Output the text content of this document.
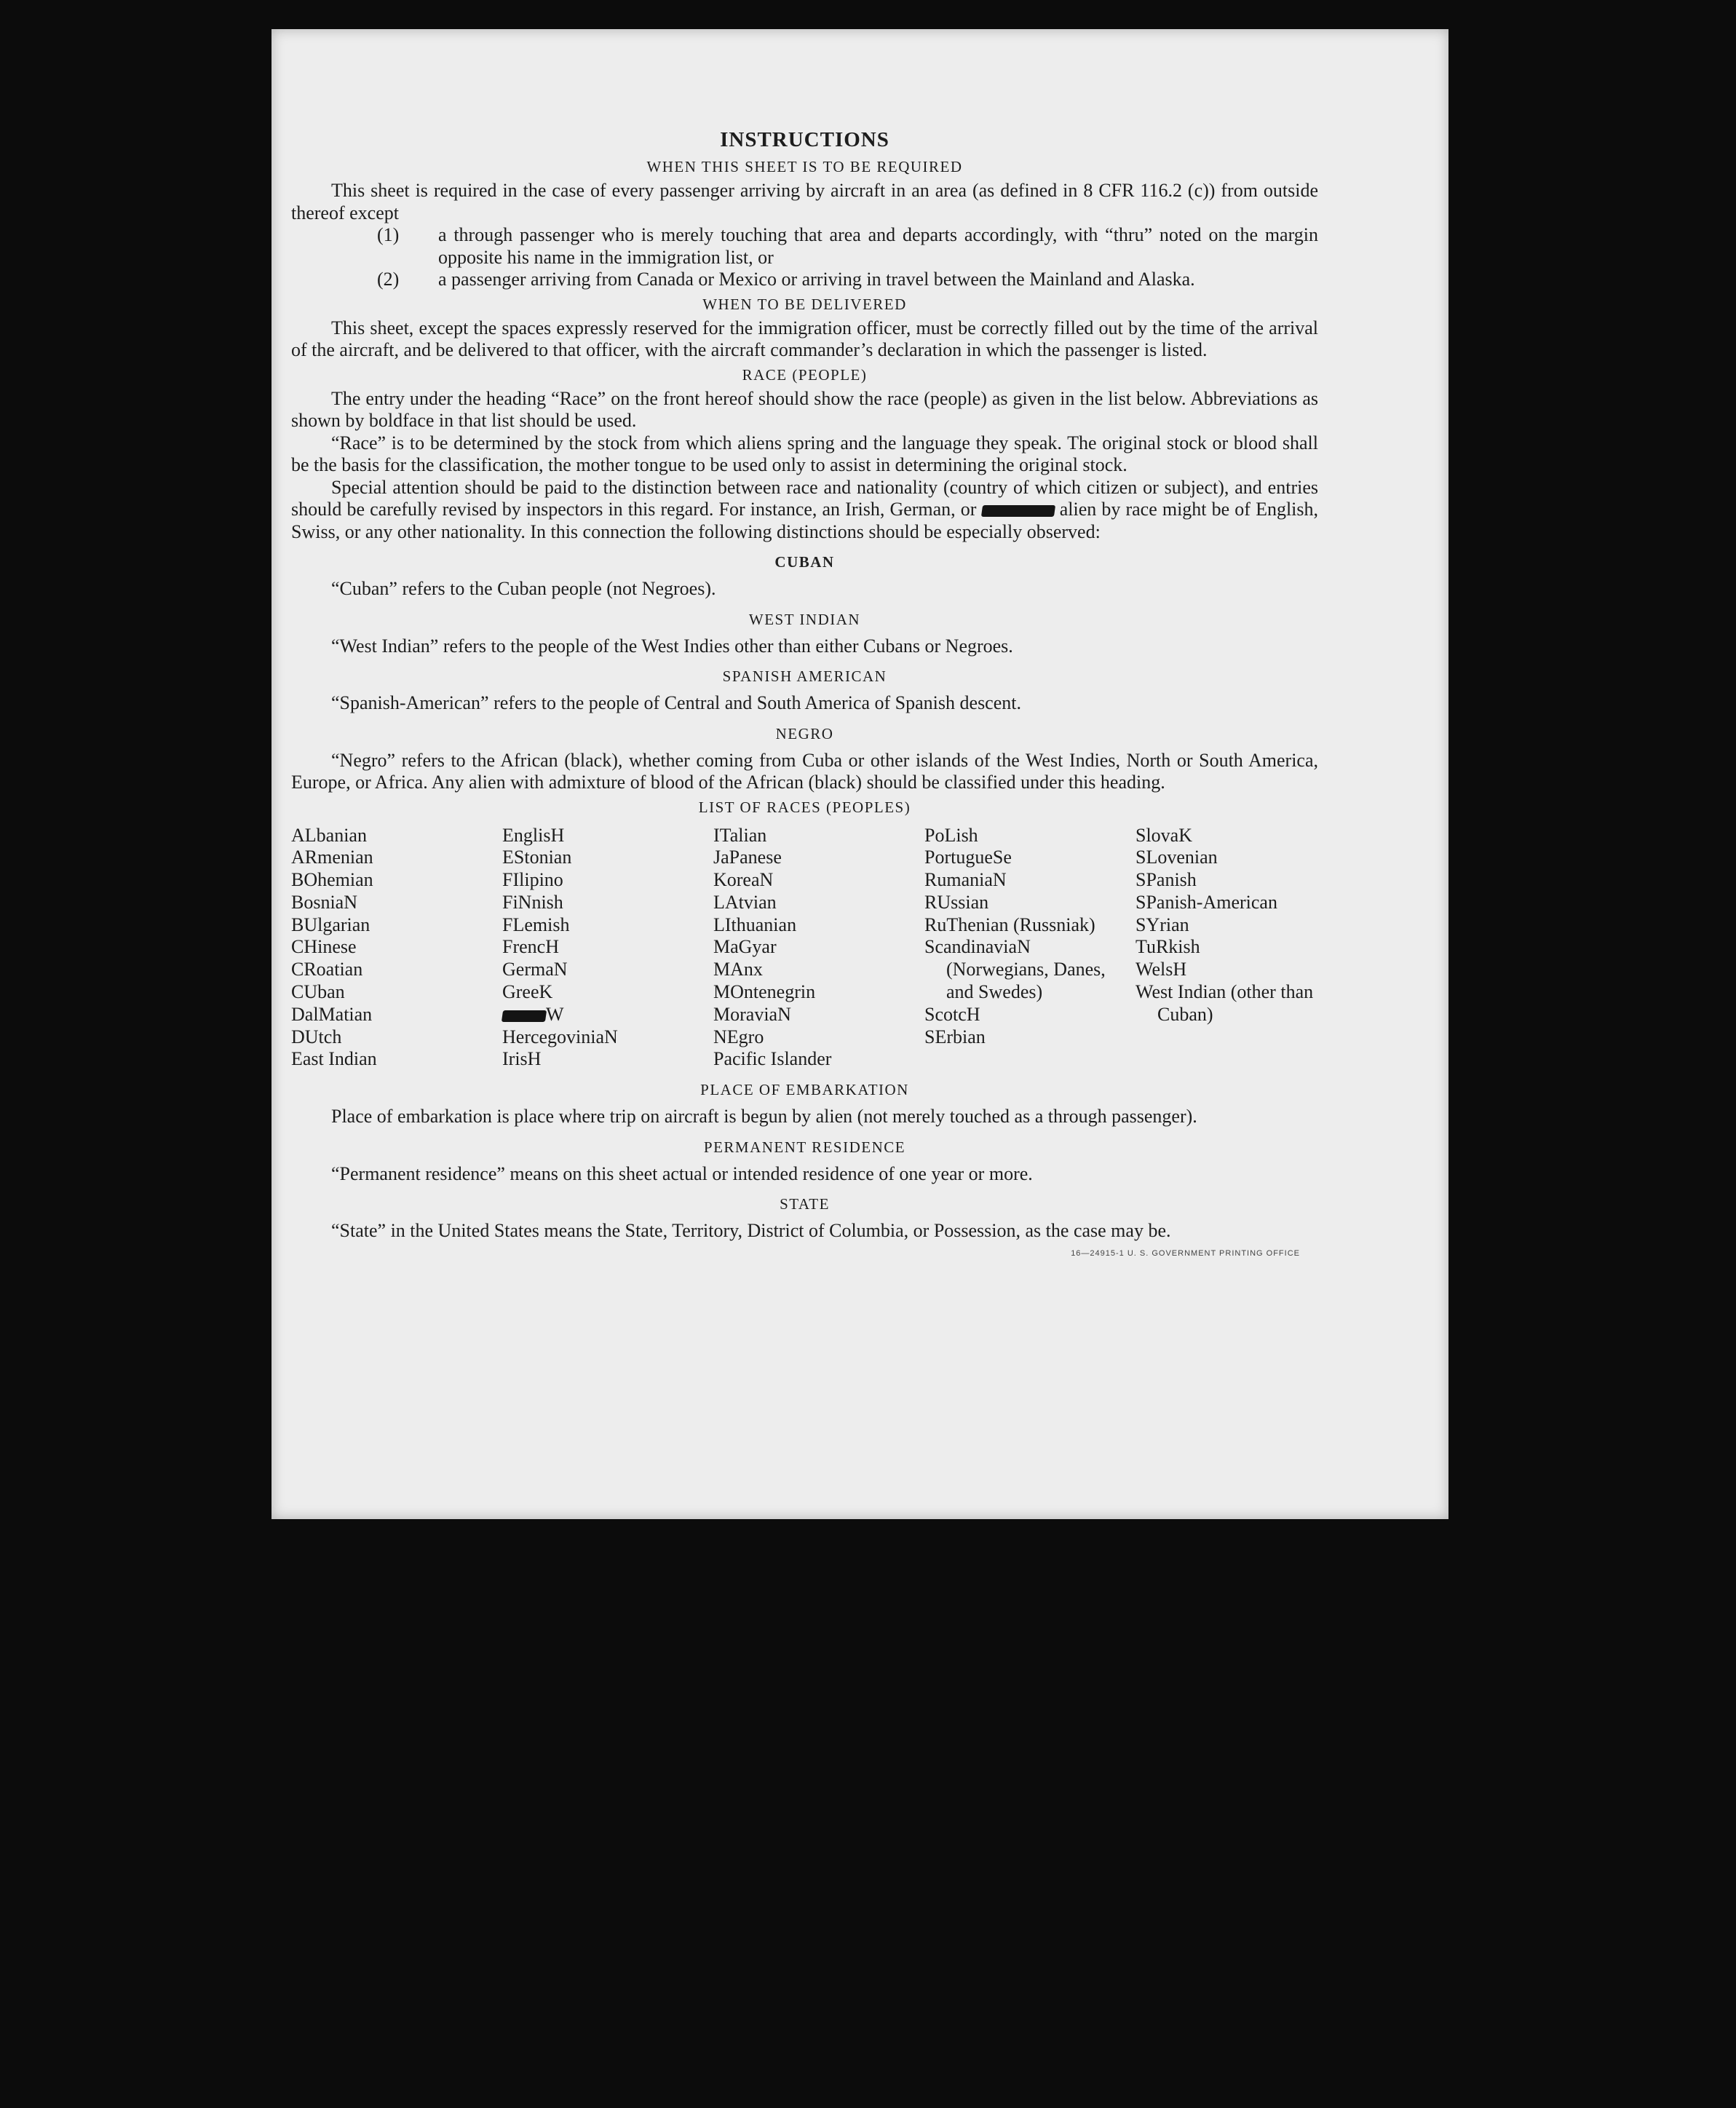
INSTRUCTIONS
WHEN THIS SHEET IS TO BE REQUIRED

This sheet is required in the case of every passenger arriving by aircraft in an area (as defined in 8 CFR 116.2 (c)) from outside thereof except

(1)	a through passenger who is merely touching that area and departs accordingly, with “thru” noted on the margin opposite his name in the immigration list, or
(2)	a passenger arriving from Canada or Mexico or arriving in travel between the Mainland and Alaska.
WHEN TO BE DELIVERED

This sheet, except the spaces expressly reserved for the immigration officer, must be correctly filled out by the time of the arrival of the aircraft, and be delivered to that officer, with the aircraft commander’s declaration in which the passenger is listed.

RACE (PEOPLE)

The entry under the heading “Race” on the front hereof should show the race (people) as given in the list below. Abbreviations as shown by boldface in that list should be used.

“Race” is to be determined by the stock from which aliens spring and the language they speak. The original stock or blood shall be the basis for the classification, the mother tongue to be used only to assist in determining the original stock.

Special attention should be paid to the distinction between race and nationality (country of which citizen or subject), and entries should be carefully revised by inspectors in this regard. For instance, an Irish, German, or	alien by race might be of English, Swiss, or any other nationality. In this connection the following distinctions should be especially observed:

CUBAN

“Cuban” refers to the Cuban people (not Negroes).

WEST INDIAN

“West Indian” refers to the people of the West Indies other than either Cubans or Negroes.

SPANISH AMERICAN

“Spanish-American” refers to the people of Central and South America of Spanish descent.

NEGRO

“Negro” refers to the African (black), whether coming from Cuba or other islands of the West Indies, North or South America, Europe, or Africa. Any alien with admixture of blood of the African (black) should be classified under this heading.

LIST OF RACES (PEOPLES)
ALbanian
ARmenian
BOhemian
BosniaN
BUlgarian
CHinese
CRoatian
CUban
DalMatian
DUtch
East Indian
EnglisH
EStonian
FIlipino
FiNnish
FLemish
FrencH
GermaN
GreeK
W
HercegoviniaN
IrisH
ITalian
JaPanese
KoreaN
LAtvian
LIthuanian
MaGyar
MAnx
MOntenegrin
MoraviaN
NEgro
Pacific Islander
PoLish
PortugueSe
RumaniaN
RUssian
RuThenian (Russniak)
ScandinaviaN (Norwegians, Danes, and Swedes)
ScotcH
SErbian
SlovaK
SLovenian
SPanish
SPanish-American
SYrian
TuRkish
WelsH
West Indian (other than Cuban)
PLACE OF EMBARKATION

Place of embarkation is place where trip on aircraft is begun by alien (not merely touched as a through passenger).

PERMANENT RESIDENCE

“Permanent residence” means on this sheet actual or intended residence of one year or more.

STATE

“State” in the United States means the State, Territory, District of Columbia, or Possession, as the case may be.

16—24915-1 U. S. GOVERNMENT PRINTING OFFICE
